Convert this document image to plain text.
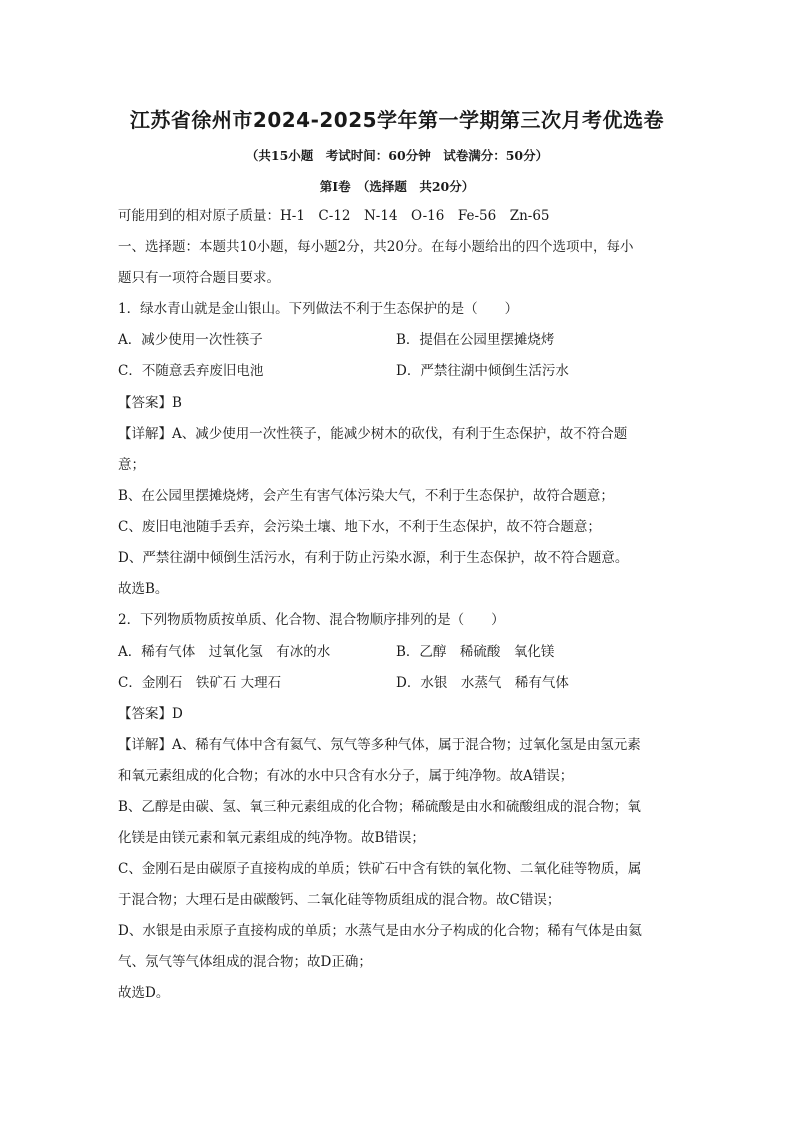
江苏省徐州市2024-2025学年第一学期第三次月考优选卷
（共15小题　考试时间：60分钟　试卷满分：50分）
第Ⅰ卷　（选择题　共20分）
可能用到的相对原子质量：H-1　C-12　N-14　O-16　Fe-56　Zn-65
一、选择题：本题共10小题，每小题2分，共20分。在每小题给出的四个选项中，每小
题只有一项符合题目要求。
1．绿水青山就是金山银山。下列做法不利于生态保护的是（　　）
A．减少使用一次性筷子	B．提倡在公园里摆摊烧烤
C．不随意丢弃废旧电池	D．严禁往湖中倾倒生活污水
【答案】B
【详解】A、减少使用一次性筷子，能减少树木的砍伐，有利于生态保护，故不符合题
意；
B、在公园里摆摊烧烤，会产生有害气体污染大气，不利于生态保护，故符合题意；
C、废旧电池随手丢弃，会污染土壤、地下水，不利于生态保护，故不符合题意；
D、严禁往湖中倾倒生活污水，有利于防止污染水源，利于生态保护，故不符合题意。
故选B。
2．下列物质物质按单质、化合物、混合物顺序排列的是（　　）
A．稀有气体　过氧化氢　有冰的水	B．乙醇　稀硫酸　氧化镁
C．金刚石　铁矿石 大理石	D．水银　水蒸气　稀有气体
【答案】D
【详解】A、稀有气体中含有氦气、氖气等多种气体，属于混合物；过氧化氢是由氢元素
和氧元素组成的化合物；有冰的水中只含有水分子，属于纯净物。故A错误；
B、乙醇是由碳、氢、氧三种元素组成的化合物；稀硫酸是由水和硫酸组成的混合物；氧
化镁是由镁元素和氧元素组成的纯净物。故B错误；
C、金刚石是由碳原子直接构成的单质；铁矿石中含有铁的氧化物、二氧化硅等物质，属
于混合物；大理石是由碳酸钙、二氧化硅等物质组成的混合物。故C错误；
D、水银是由汞原子直接构成的单质；水蒸气是由水分子构成的化合物；稀有气体是由氦
气、氖气等气体组成的混合物；故D正确；
故选D。
